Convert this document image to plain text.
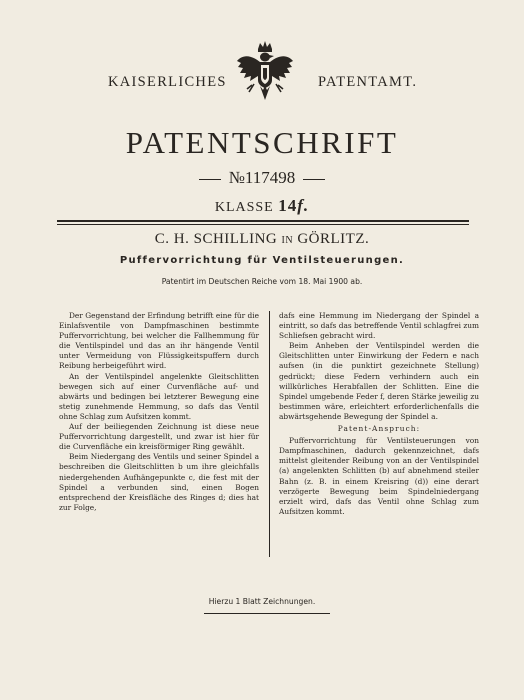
KAISERLICHES	PATENTAMT.
PATENTSCHRIFT
№117498
KLASSE 14f.
C. H. SCHILLING IN GÖRLITZ.
Puffervorrichtung für Ventilsteuerungen.
Patentirt im Deutschen Reiche vom 18. Mai 1900 ab.

Der Gegenstand der Erfindung betrifft eine für die Einlafsventile von Dampfmaschinen bestimmte Puffervorrichtung, bei welcher die Fallhemmung für die Ventilspindel und das an ihr hängende Ventil unter Vermeidung von Flüssigkeitspuffern durch Reibung herbeigeführt wird.

An der Ventilspindel angelenkte Gleitschlitten bewegen sich auf einer Curvenfläche auf- und abwärts und bedingen bei letzterer Bewegung eine stetig zunehmende Hemmung, so dafs das Ventil ohne Schlag zum Aufsitzen kommt.

Auf der beiliegenden Zeichnung ist diese neue Puffervorrichtung dargestellt, und zwar ist hier für die Curvenfläche ein kreisförmiger Ring gewählt.

Beim Niedergang des Ventils und seiner Spindel a beschreiben die Gleitschlitten b um ihre gleichfalls niedergehenden Aufhängepunkte c, die fest mit der Spindel a verbunden sind, einen Bogen entsprechend der Kreisfläche des Ringes d; dies hat zur Folge,

dafs eine Hemmung im Niedergang der Spindel a eintritt, so dafs das betreffende Ventil schlagfrei zum Schliefsen gebracht wird.

Beim Anheben der Ventilspindel werden die Gleitschlitten unter Einwirkung der Federn e nach aufsen (in die punktirt gezeichnete Stellung) gedrückt; diese Federn verhindern auch ein willkürliches Herabfallen der Schlitten. Eine die Spindel umgebende Feder f, deren Stärke jeweilig zu bestimmen wäre, erleichtert erforderlichenfalls die abwärtsgehende Bewegung der Spindel a.

Patent-Anspruch:

Puffervorrichtung für Ventilsteuerungen von Dampfmaschinen, dadurch gekennzeichnet, dafs mittelst gleitender Reibung von an der Ventilspindel (a) angelenkten Schlitten (b) auf abnehmend steiler Bahn (z. B. in einem Kreisring (d)) eine derart verzögerte Bewegung beim Spindelniedergang erzielt wird, dafs das Ventil ohne Schlag zum Aufsitzen kommt.

Hierzu 1 Blatt Zeichnungen.
